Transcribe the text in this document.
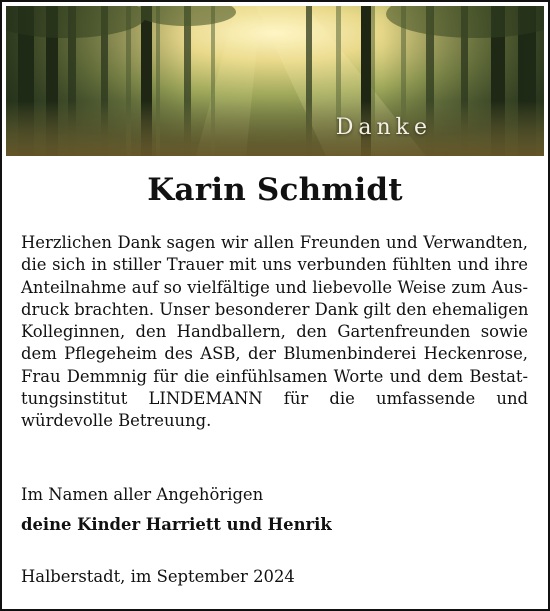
Danke
Karin Schmidt
Herzlichen Dank sagen wir allen Freunden und Verwandten,
die sich in stiller Trauer mit uns verbunden fühlten und ihre
Anteilnahme auf so vielfältige und liebevolle Weise zum Aus-
druck brachten. Unser besonderer Dank gilt den ehemaligen
Kolleginnen, den Handballern, den Gartenfreunden sowie
dem Pflegeheim des ASB, der Blumenbinderei Heckenrose,
Frau Demmnig für die einfühlsamen Worte und dem Bestat-
tungsinstitut LINDEMANN für die umfassende und
würdevolle Betreuung.
Im Namen aller Angehörigen
deine Kinder Harriett und Henrik
Halberstadt, im September 2024
